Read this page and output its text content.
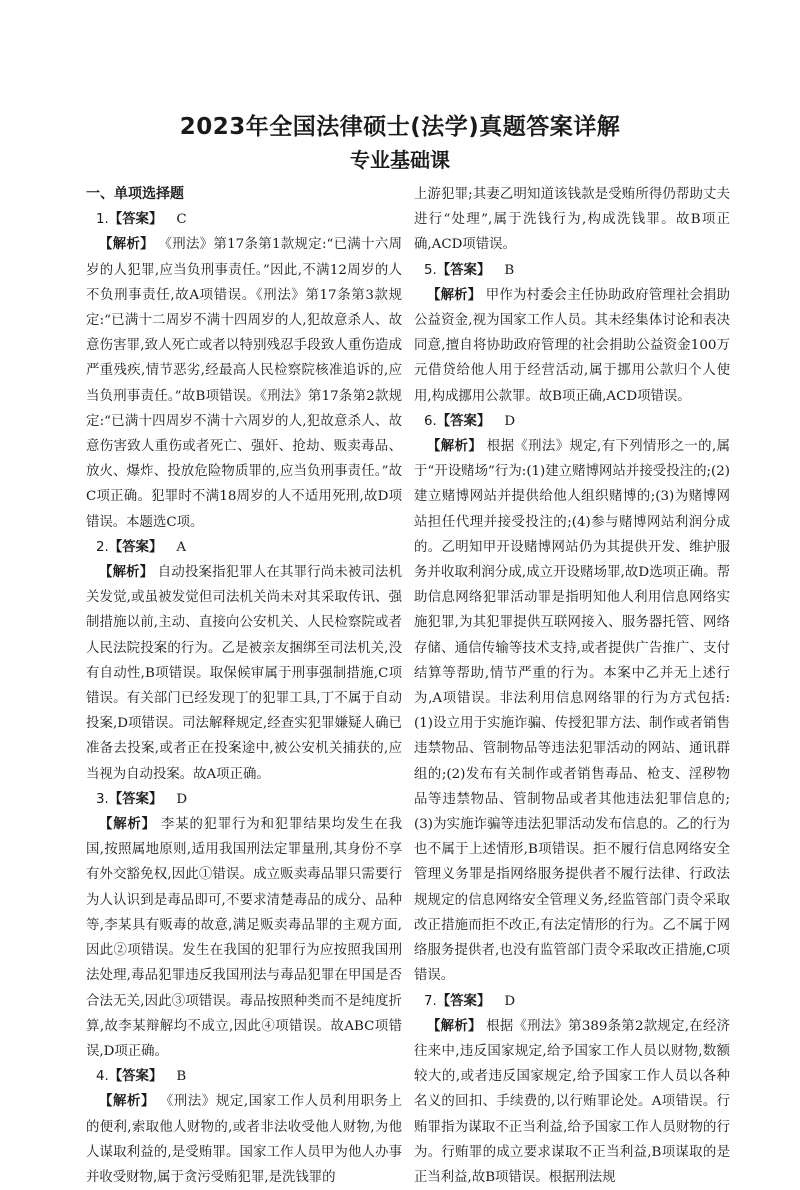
2023年全国法律硕士(法学)真题答案详解
专业基础课
一、单项选择题
1.【答案】 C
【解析】 《刑法》第17条第1款规定:“已满十六周岁的人犯罪,应当负刑事责任。”因此,不满12周岁的人不负刑事责任,故A项错误。《刑法》第17条第3款规定:“已满十二周岁不满十四周岁的人,犯故意杀人、故意伤害罪,致人死亡或者以特别残忍手段致人重伤造成严重残疾,情节恶劣,经最高人民检察院核准追诉的,应当负刑事责任。”故B项错误。《刑法》第17条第2款规定:“已满十四周岁不满十六周岁的人,犯故意杀人、故意伤害致人重伤或者死亡、强奸、抢劫、贩卖毒品、放火、爆炸、投放危险物质罪的,应当负刑事责任。”故C项正确。犯罪时不满18周岁的人不适用死刑,故D项错误。本题选C项。
2.【答案】 A
【解析】 自动投案指犯罪人在其罪行尚未被司法机关发觉,或虽被发觉但司法机关尚未对其采取传讯、强制措施以前,主动、直接向公安机关、人民检察院或者人民法院投案的行为。乙是被亲友捆绑至司法机关,没有自动性,B项错误。取保候审属于刑事强制措施,C项错误。有关部门已经发现丁的犯罪工具,丁不属于自动投案,D项错误。司法解释规定,经查实犯罪嫌疑人确已准备去投案,或者正在投案途中,被公安机关捕获的,应当视为自动投案。故A项正确。
3.【答案】 D
【解析】 李某的犯罪行为和犯罪结果均发生在我国,按照属地原则,适用我国刑法定罪量刑,其身份不享有外交豁免权,因此①错误。成立贩卖毒品罪只需要行为人认识到是毒品即可,不要求清楚毒品的成分、品种等,李某具有贩毒的故意,满足贩卖毒品罪的主观方面,因此②项错误。发生在我国的犯罪行为应按照我国刑法处理,毒品犯罪违反我国刑法与毒品犯罪在甲国是否合法无关,因此③项错误。毒品按照种类而不是纯度折算,故李某辩解均不成立,因此④项错误。故ABC项错误,D项正确。
4.【答案】 B
【解析】 《刑法》规定,国家工作人员利用职务上的便利,索取他人财物的,或者非法收受他人财物,为他人谋取利益的,是受贿罪。国家工作人员甲为他人办事并收受财物,属于贪污受贿犯罪,是洗钱罪的
上游犯罪;其妻乙明知道该钱款是受贿所得仍帮助丈夫进行“处理”,属于洗钱行为,构成洗钱罪。故B项正确,ACD项错误。
5.【答案】 B
【解析】 甲作为村委会主任协助政府管理社会捐助公益资金,视为国家工作人员。其未经集体讨论和表决同意,擅自将协助政府管理的社会捐助公益资金100万元借贷给他人用于经营活动,属于挪用公款归个人使用,构成挪用公款罪。故B项正确,ACD项错误。
6.【答案】 D
【解析】 根据《刑法》规定,有下列情形之一的,属于“开设赌场”行为:(1)建立赌博网站并接受投注的;(2)建立赌博网站并提供给他人组织赌博的;(3)为赌博网站担任代理并接受投注的;(4)参与赌博网站利润分成的。乙明知甲开设赌博网站仍为其提供开发、维护服务并收取利润分成,成立开设赌场罪,故D选项正确。帮助信息网络犯罪活动罪是指明知他人利用信息网络实施犯罪,为其犯罪提供互联网接入、服务器托管、网络存储、通信传输等技术支持,或者提供广告推广、支付结算等帮助,情节严重的行为。本案中乙并无上述行为,A项错误。非法利用信息网络罪的行为方式包括:(1)设立用于实施诈骗、传授犯罪方法、制作或者销售违禁物品、管制物品等违法犯罪活动的网站、通讯群组的;(2)发布有关制作或者销售毒品、枪支、淫秽物品等违禁物品、管制物品或者其他违法犯罪信息的;(3)为实施诈骗等违法犯罪活动发布信息的。乙的行为也不属于上述情形,B项错误。拒不履行信息网络安全管理义务罪是指网络服务提供者不履行法律、行政法规规定的信息网络安全管理义务,经监管部门责令采取改正措施而拒不改正,有法定情形的行为。乙不属于网络服务提供者,也没有监管部门责令采取改正措施,C项错误。
7.【答案】 D
【解析】 根据《刑法》第389条第2款规定,在经济往来中,违反国家规定,给予国家工作人员以财物,数额较大的,或者违反国家规定,给予国家工作人员以各种名义的回扣、手续费的,以行贿罪论处。A项错误。行贿罪指为谋取不正当利益,给予国家工作人员财物的行为。行贿罪的成立要求谋取不正当利益,B项谋取的是正当利益,故B项错误。根据刑法规
